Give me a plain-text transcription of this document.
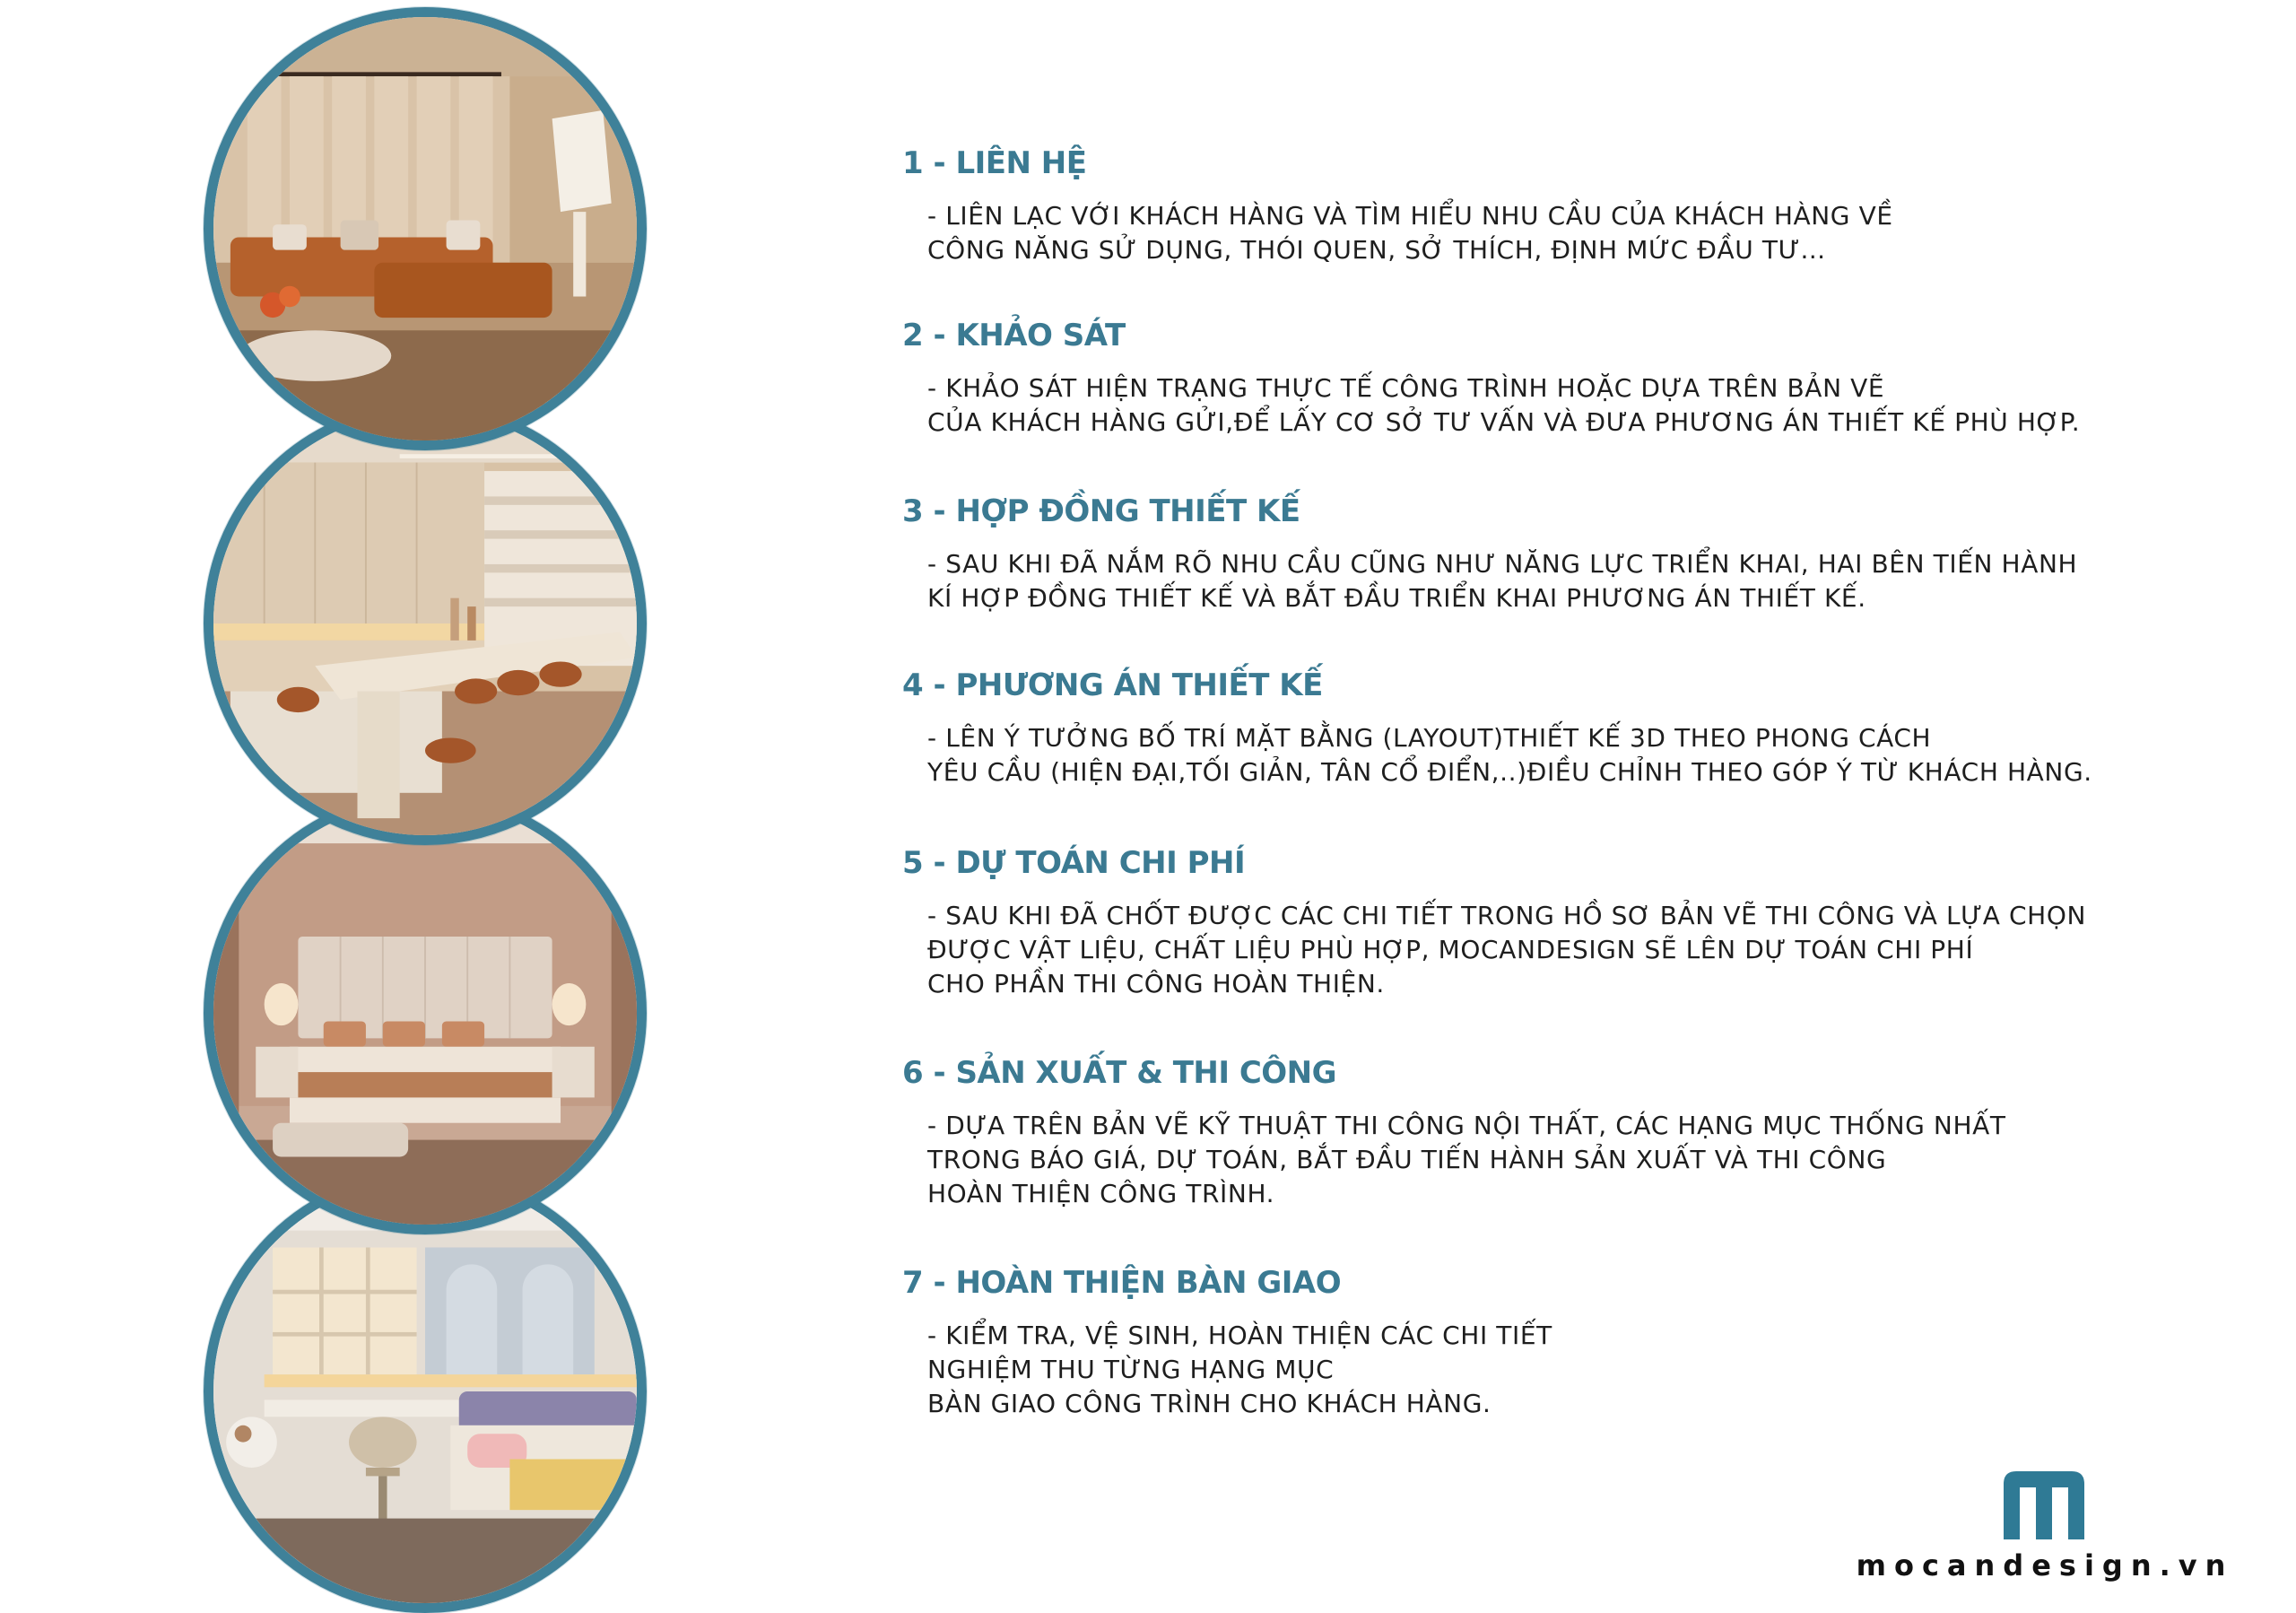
1 - LIÊN HỆ

- LIÊN LẠC VỚI KHÁCH HÀNG VÀ TÌM HIỂU NHU CẦU CỦA KHÁCH HÀNG VỀ
CÔNG NĂNG SỬ DỤNG, THÓI QUEN, SỞ THÍCH, ĐỊNH MỨC ĐẦU TƯ…

2 - KHẢO SÁT

- KHẢO SÁT HIỆN TRẠNG THỰC TẾ CÔNG TRÌNH HOẶC DỰA TRÊN BẢN VẼ
CỦA KHÁCH HÀNG GỬI,ĐỂ LẤY CƠ SỞ TƯ VẤN VÀ ĐƯA PHƯƠNG ÁN THIẾT KẾ PHÙ HỢP.

3 - HỢP ĐỒNG THIẾT KẾ

- SAU KHI ĐÃ NẮM RÕ NHU CẦU CŨNG NHƯ NĂNG LỰC TRIỂN KHAI, HAI BÊN TIẾN HÀNH
KÍ HỢP ĐỒNG THIẾT KẾ VÀ BẮT ĐẦU TRIỂN KHAI PHƯƠNG ÁN THIẾT KẾ.

4 - PHƯƠNG ÁN THIẾT KẾ

- LÊN Ý TƯỞNG BỐ TRÍ MẶT BẰNG (LAYOUT)THIẾT KẾ 3D THEO PHONG CÁCH
YÊU CẦU (HIỆN ĐẠI,TỐI GIẢN, TÂN CỔ ĐIỂN,..)ĐIỀU CHỈNH THEO GÓP Ý TỪ KHÁCH HÀNG.

5 - DỰ TOÁN CHI PHÍ

- SAU KHI ĐÃ CHỐT ĐƯỢC CÁC CHI TIẾT TRONG HỒ SƠ BẢN VẼ THI CÔNG VÀ LỰA CHỌN
ĐƯỢC VẬT LIỆU, CHẤT LIỆU PHÙ HỢP, MOCANDESIGN SẼ LÊN DỰ TOÁN CHI PHÍ
CHO PHẦN THI CÔNG HOÀN THIỆN.

6 - SẢN XUẤT & THI CÔNG

- DỰA TRÊN BẢN VẼ KỸ THUẬT THI CÔNG NỘI THẤT, CÁC HẠNG MỤC THỐNG NHẤT
TRONG BÁO GIÁ, DỰ TOÁN, BẮT ĐẦU TIẾN HÀNH SẢN XUẤT VÀ THI CÔNG
HOÀN THIỆN CÔNG TRÌNH.

7 - HOÀN THIỆN BÀN GIAO

- KIỂM TRA, VỆ SINH, HOÀN THIỆN CÁC CHI TIẾT
NGHIỆM THU TỪNG HẠNG MỤC
BÀN GIAO CÔNG TRÌNH CHO KHÁCH HÀNG.

mocandesign.vn
